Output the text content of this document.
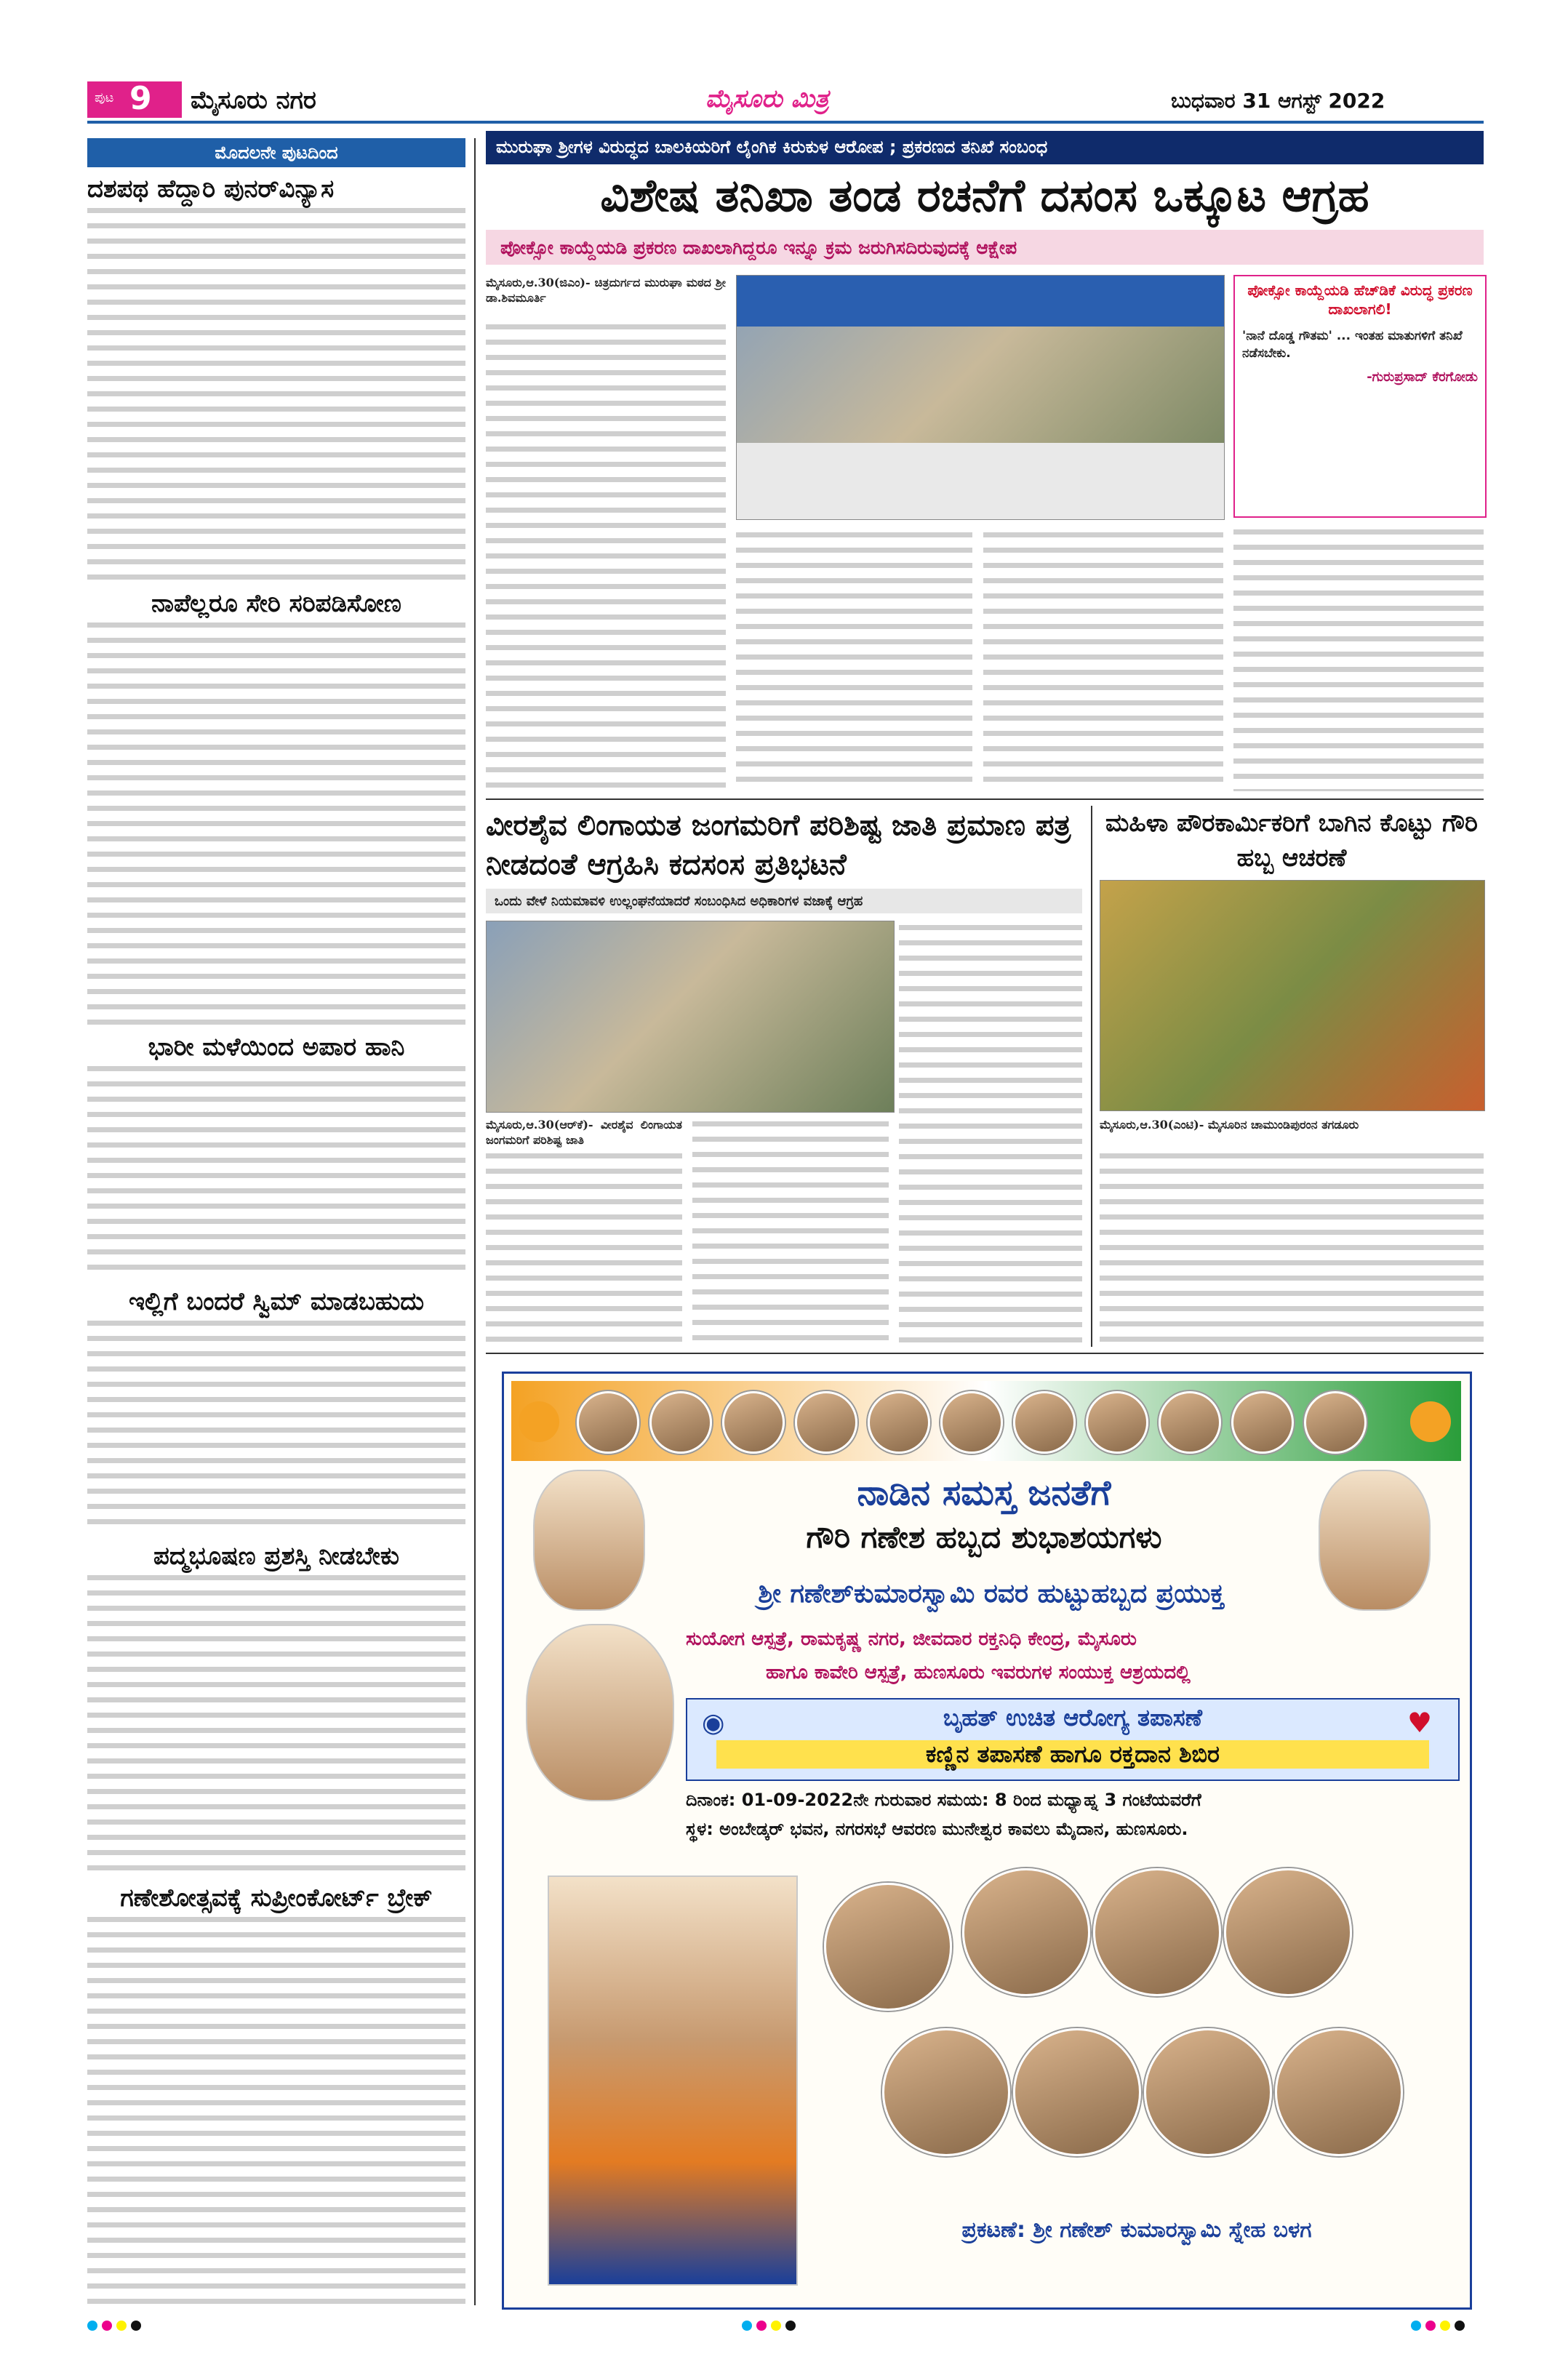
ಪುಟ 9 ಮೈಸೂರು ನಗರ	ಮೈಸೂರು ಮಿತ್ರ	ಬುಧವಾರ 31 ಆಗಸ್ಟ್ 2022
ಮೊದಲನೇ ಪುಟದಿಂದ
ದಶಪಥ ಹೆದ್ದಾರಿ ಪುನರ್‌ವಿನ್ಯಾಸ
ನಾಪೆಲ್ಲರೂ ಸೇರಿ ಸರಿಪಡಿಸೋಣ
ಭಾರೀ ಮಳೆಯಿಂದ ಅಪಾರ ಹಾನಿ
ಇಲ್ಲಿಗೆ ಬಂದರೆ ಸ್ವಿಮ್ ಮಾಡಬಹುದು
ಪದ್ಮಭೂಷಣ ಪ್ರಶಸ್ತಿ ನೀಡಬೇಕು
ಗಣೇಶೋತ್ಸವಕ್ಕೆ ಸುಪ್ರೀಂಕೋರ್ಟ್ ಬ್ರೇಕ್
ಮುರುಘಾ ಶ್ರೀಗಳ ವಿರುದ್ಧದ ಬಾಲಕಿಯರಿಗೆ ಲೈಂಗಿಕ ಕಿರುಕುಳ ಆರೋಪ ; ಪ್ರಕರಣದ ತನಿಖೆ ಸಂಬಂಧ
ವಿಶೇಷ ತನಿಖಾ ತಂಡ ರಚನೆಗೆ ದಸಂಸ ಒಕ್ಕೂಟ ಆಗ್ರಹ
ಪೋಕ್ಸೋ ಕಾಯ್ದೆಯಡಿ ಪ್ರಕರಣ ದಾಖಲಾಗಿದ್ದರೂ ಇನ್ನೂ ಕ್ರಮ ಜರುಗಿಸದಿರುವುದಕ್ಕೆ ಆಕ್ಷೇಪ
ಮೈಸೂರು,ಆ.30(ಜಿಎಂ)- ಚಿತ್ರದುರ್ಗದ ಮುರುಘಾ ಮಠದ ಶ್ರೀ ಡಾ.ಶಿವಮೂರ್ತಿ	ಪೋಕ್ಸೋ ಕಾಯ್ದೆಯಡಿ ಹೆಚ್‌ಡಿಕೆ ವಿರುದ್ಧ ಪ್ರಕರಣ ದಾಖಲಾಗಲಿ!
'ನಾನೆ ದೊಡ್ಡ ಗೌತಮ' ... ಇಂತಹ ಮಾತುಗಳಿಗೆ ತನಿಖೆ ನಡೆಸಬೇಕು.
-ಗುರುಪ್ರಸಾದ್ ಕೆರಗೋಡು
ವೀರಶೈವ ಲಿಂಗಾಯತ ಜಂಗಮರಿಗೆ ಪರಿಶಿಷ್ಟ ಜಾತಿ ಪ್ರಮಾಣ ಪತ್ರ ನೀಡದಂತೆ ಆಗ್ರಹಿಸಿ ಕದಸಂಸ ಪ್ರತಿಭಟನೆ
ಒಂದು ವೇಳೆ ನಿಯಮಾವಳಿ ಉಲ್ಲಂಘನೆಯಾದರೆ ಸಂಬಂಧಿಸಿದ ಅಧಿಕಾರಿಗಳ ವಜಾಕ್ಕೆ ಆಗ್ರಹ
ಮೈಸೂರು,ಆ.30(ಆರ್‌ಕೆ)- ವೀರಶೈವ ಲಿಂಗಾಯತ ಜಂಗಮರಿಗೆ ಪರಿಶಿಷ್ಟ ಜಾತಿ
ಮಹಿಳಾ ಪೌರಕಾರ್ಮಿಕರಿಗೆ ಬಾಗಿನ ಕೊಟ್ಟು ಗೌರಿ ಹಬ್ಬ ಆಚರಣೆ
ಮೈಸೂರು,ಆ.30(ಎಂಟಿ)- ಮೈಸೂರಿನ ಚಾಮುಂಡಿಪುರಂನ ತಗಡೂರು
ನಾಡಿನ ಸಮಸ್ತ ಜನತೆಗೆ
ಗೌರಿ ಗಣೇಶ ಹಬ್ಬದ ಶುಭಾಶಯಗಳು
ಶ್ರೀ ಗಣೇಶ್‌ಕುಮಾರಸ್ವಾಮಿ ರವರ ಹುಟ್ಟುಹಬ್ಬದ ಪ್ರಯುಕ್ತ
ಸುಯೋಗ ಆಸ್ಪತ್ರೆ, ರಾಮಕೃಷ್ಣ ನಗರ, ಜೀವದಾರ ರಕ್ತನಿಧಿ ಕೇಂದ್ರ, ಮೈಸೂರು
ಹಾಗೂ ಕಾವೇರಿ ಆಸ್ಪತ್ರೆ, ಹುಣಸೂರು ಇವರುಗಳ ಸಂಯುಕ್ತ ಆಶ್ರಯದಲ್ಲಿ
◉	♥
ಬೃಹತ್ ಉಚಿತ ಆರೋಗ್ಯ ತಪಾಸಣೆ
ಕಣ್ಣಿನ ತಪಾಸಣೆ ಹಾಗೂ ರಕ್ತದಾನ ಶಿಬಿರ
ದಿನಾಂಕ: 01-09-2022ನೇ ಗುರುವಾರ ಸಮಯ: 8 ರಿಂದ ಮಧ್ಯಾಹ್ನ 3 ಗಂಟೆಯವರೆಗೆ
ಸ್ಥಳ: ಅಂಬೇಡ್ಕರ್ ಭವನ, ನಗರಸಭೆ ಆವರಣ ಮುನೇಶ್ವರ ಕಾವಲು ಮೈದಾನ, ಹುಣಸೂರು.
ಪ್ರಕಟಣೆ: ಶ್ರೀ ಗಣೇಶ್ ಕುಮಾರಸ್ವಾಮಿ ಸ್ನೇಹ ಬಳಗ
